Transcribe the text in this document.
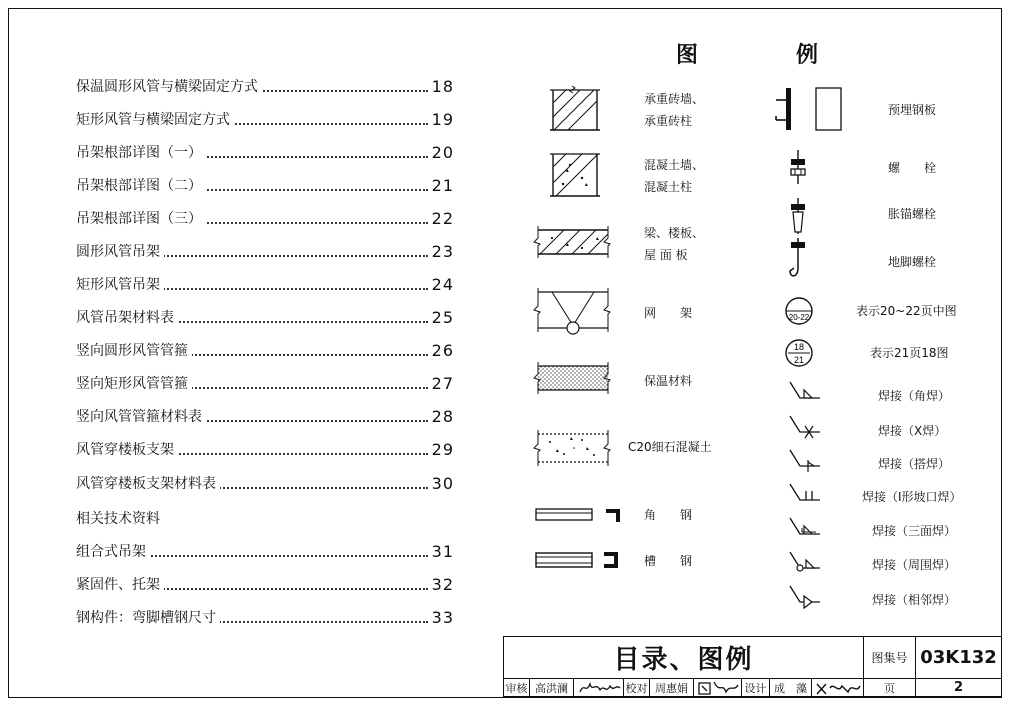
保温圆形风管与横梁固定方式	18
矩形风管与横梁固定方式	19
吊架根部详图（一）	20
吊架根部详图（二）	21
吊架根部详图（三）	22
圆形风管吊架	23
矩形风管吊架	24
风管吊架材料表	25
竖向圆形风管管箍	26
竖向矩形风管管箍	27
竖向风管管箍材料表	28
风管穿楼板支架	29
风管穿楼板支架材料表	30
相关技术资料
组合式吊架	31
紧固件、托架	32
钢构件：弯脚槽钢尺寸	33
图	例
承重砖墙、
承重砖柱
混凝土墙、
混凝土柱
梁、楼板、
屋 面 板
网　　架
保温材料
C20细石混凝土
角　　钢
槽　　钢
预埋钢板
螺　　栓
胀锚螺栓
地脚螺栓
20-22	表示20~22页中图
18
21	表示21页18图
焊接（角焊）
焊接（X焊）
焊接（搭焊）
焊接（I形坡口焊）
焊接（三面焊）
焊接（周围焊）
焊接（相邻焊）
目录、图例	图集号 03K132
审核 高洪澜	校对 周惠娟	设计 成　藻	页	2
